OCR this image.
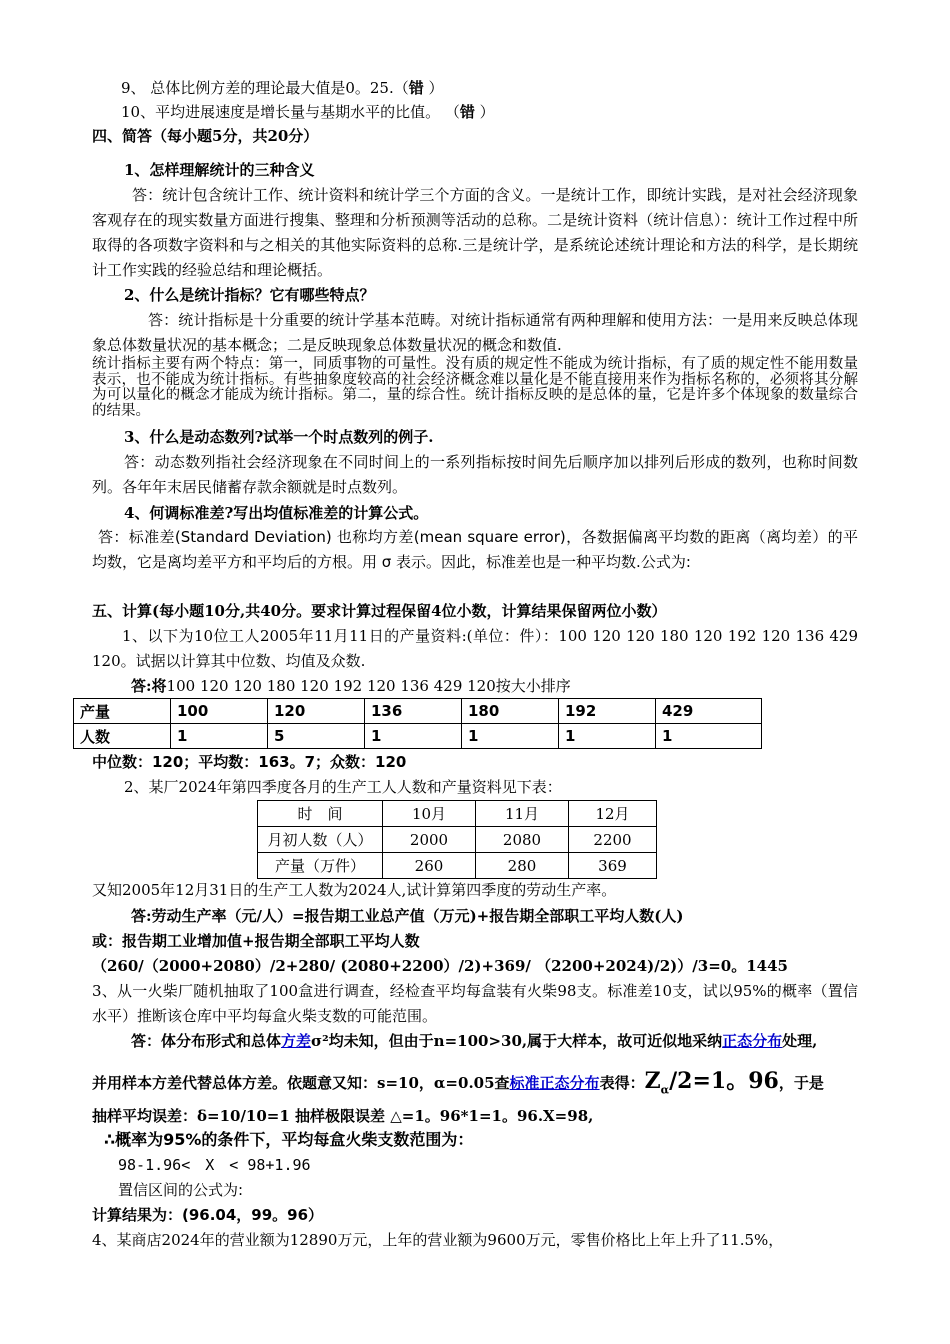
9、 总体比例方差的理论最大值是0。25.（错 ）
10、平均进展速度是增长量与基期水平的比值。 （错 ）
四、简答（每小题5分，共20分）
1、怎样理解统计的三种含义
答：统计包含统计工作、统计资料和统计学三个方面的含义。一是统计工作，即统计实践，是对社会经济现象客观存在的现实数量方面进行搜集、整理和分析预测等活动的总称。二是统计资料（统计信息）：统计工作过程中所取得的各项数字资料和与之相关的其他实际资料的总称.三是统计学，是系统论述统计理论和方法的科学，是长期统计工作实践的经验总结和理论概括。
2、什么是统计指标？它有哪些特点？
答：统计指标是十分重要的统计学基本范畴。对统计指标通常有两种理解和使用方法：一是用来反映总体现象总体数量状况的基本概念；二是反映现象总体数量状况的概念和数值.
统计指标主要有两个特点：第一，同质事物的可量性。没有质的规定性不能成为统计指标，有了质的规定性不能用数量表示，也不能成为统计指标。有些抽象度较高的社会经济概念难以量化是不能直接用来作为指标名称的，必须将其分解为可以量化的概念才能成为统计指标。第二，量的综合性。统计指标反映的是总体的量，它是许多个体现象的数量综合的结果。
3、什么是动态数列?试举一个时点数列的例子.
答：动态数列指社会经济现象在不同时间上的一系列指标按时间先后顺序加以排列后形成的数列，也称时间数列。各年年末居民储蓄存款余额就是时点数列。
4、何调标准差?写出均值标准差的计算公式。
答：标准差(Standard Deviation) 也称均方差(mean square error)，各数据偏离平均数的距离（离均差）的平均数，它是离均差平方和平均后的方根。用 σ 表示。因此，标准差也是一种平均数.公式为:
五、计算(每小题10分,共40分。要求计算过程保留4位小数，计算结果保留两位小数）
1、以下为10位工人2005年11月11日的产量资料:(单位：件）：100 120 120 180 120 192 120 136 429 120。试据以计算其中位数、均值及众数.
答:将100 120 120 180 120 192 120 136 429 120按大小排序
产量	100	120	136	180	192	429
人数	1	5	1	1	1	1
中位数：120；平均数：163。7；众数：120
2、某厂2024年第四季度各月的生产工人人数和产量资料见下表：
时　间	10月	11月	12月
月初人数（人）	2000	2080	2200
产量（万件）	260	280	369
又知2005年12月31日的生产工人数为2024人,试计算第四季度的劳动生产率。
答:劳动生产率（元/人）=报告期工业总产值（万元)+报告期全部职工平均人数(人)
或：报告期工业增加值+报告期全部职工平均人数
（260/（2000+2080）/2+280/ (2080+2200）/2)+369/ （2200+2024)/2)）/3=0。1445
3、从一火柴厂随机抽取了100盒进行调查，经检查平均每盒装有火柴98支。标准差10支，试以95%的概率（置信水平）推断该仓库中平均每盒火柴支数的可能范围。
答：体分布形式和总体方差σ²均未知，但由于n=100>30,属于大样本，故可近似地采纳正态分布处理,
并用样本方差代替总体方差。依题意又知：s=10，α=0.05查标准正态分布表得：$Z_\alpha/2=1$。96，于是
抽样平均误差：δ=10/10=1 抽样极限误差 △=1。96*1=1。96.X=98,
∴概率为95%的条件下，平均每盒火柴支数范围为：
98-1.96<　X　< 98+1.96
置信区间的公式为:
计算结果为：(96.04，99。96）
4、某商店2024年的营业额为12890万元，上年的营业额为9600万元，零售价格比上年上升了11.5%，
